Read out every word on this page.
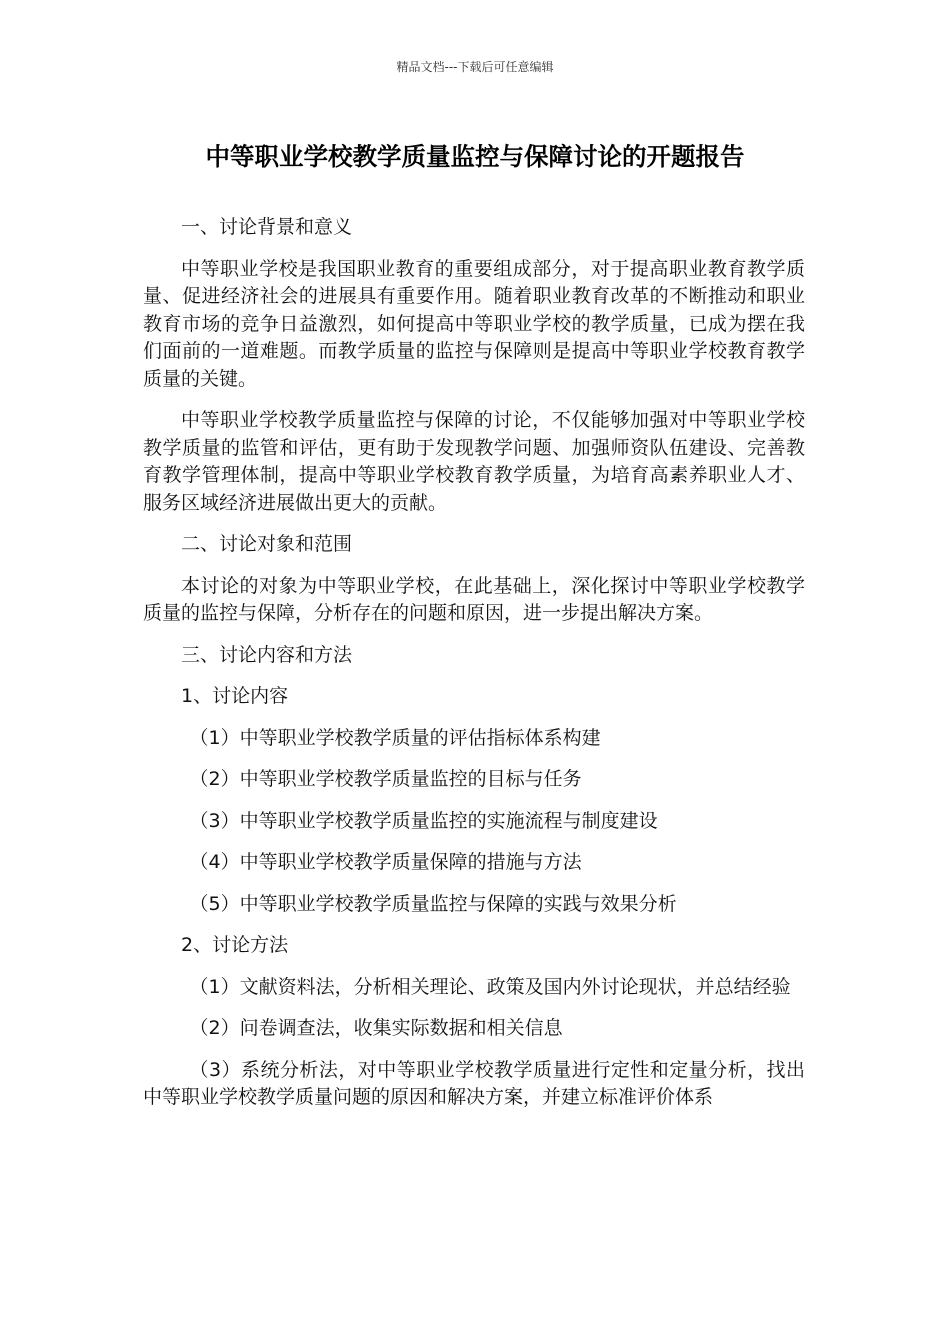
精品文档---下载后可任意编辑
中等职业学校教学质量监控与保障讨论的开题报告

一、讨论背景和意义

中等职业学校是我国职业教育的重要组成部分，对于提高职业教育教学质量、促进经济社会的进展具有重要作用。随着职业教育改革的不断推动和职业教育市场的竞争日益激烈，如何提高中等职业学校的教学质量，已成为摆在我们面前的一道难题。而教学质量的监控与保障则是提高中等职业学校教育教学质量的关键。

中等职业学校教学质量监控与保障的讨论，不仅能够加强对中等职业学校教学质量的监管和评估，更有助于发现教学问题、加强师资队伍建设、完善教育教学管理体制，提高中等职业学校教育教学质量，为培育高素养职业人才、服务区域经济进展做出更大的贡献。

二、讨论对象和范围

本讨论的对象为中等职业学校，在此基础上，深化探讨中等职业学校教学质量的监控与保障，分析存在的问题和原因，进一步提出解决方案。

三、讨论内容和方法

1、讨论内容

（1）中等职业学校教学质量的评估指标体系构建

（2）中等职业学校教学质量监控的目标与任务

（3）中等职业学校教学质量监控的实施流程与制度建设

（4）中等职业学校教学质量保障的措施与方法

（5）中等职业学校教学质量监控与保障的实践与效果分析

2、讨论方法

（1）文献资料法，分析相关理论、政策及国内外讨论现状，并总结经验

（2）问卷调查法，收集实际数据和相关信息

（3）系统分析法，对中等职业学校教学质量进行定性和定量分析，找出中等职业学校教学质量问题的原因和解决方案，并建立标准评价体系
